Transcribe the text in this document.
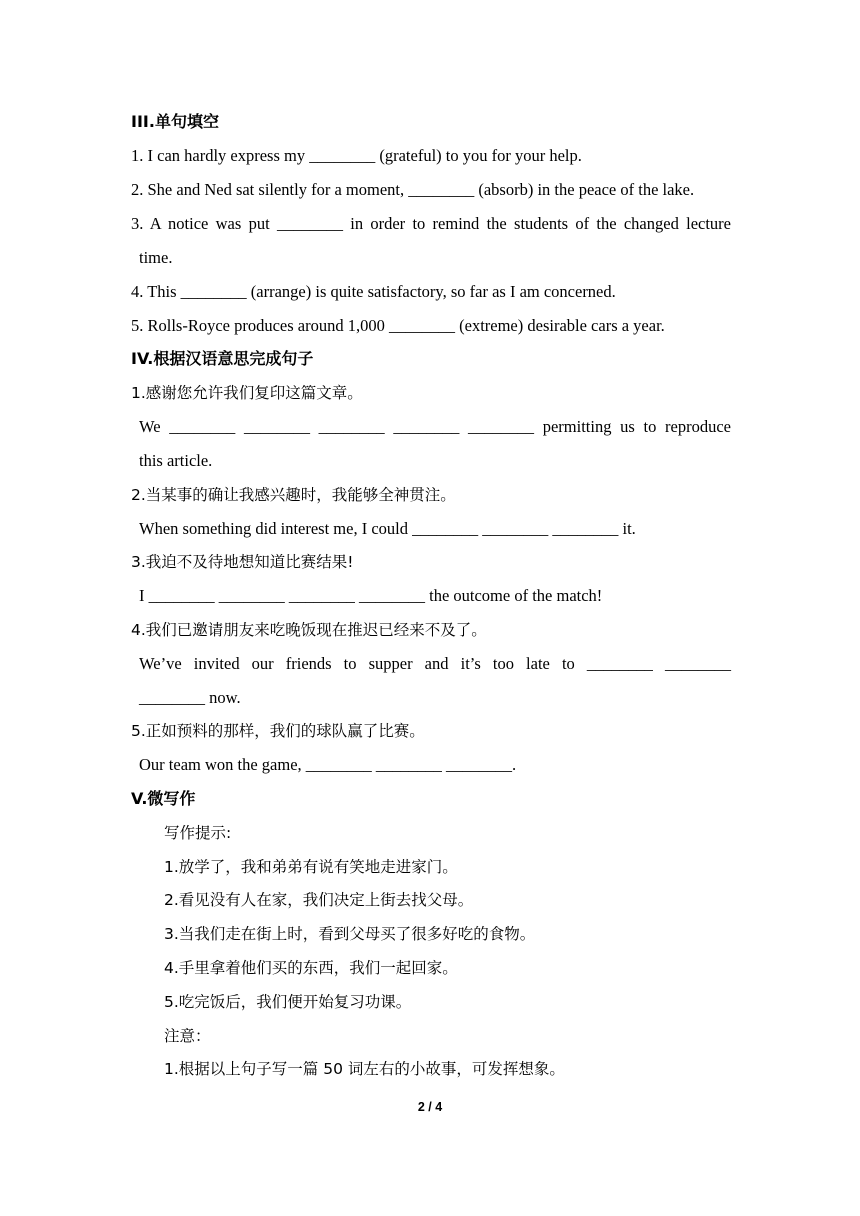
III.单句填空
1. I can hardly express my ________ (grateful) to you for your help.
2. She and Ned sat silently for a moment, ________ (absorb) in the peace of the lake.
3. A notice was put ________ in order to remind the students of the changed lecture
time.
4. This ________ (arrange) is quite satisfactory, so far as I am concerned.
5. Rolls-Royce produces around 1,000 ________ (extreme) desirable cars a year.
IV.根据汉语意思完成句子
1.感谢您允许我们复印这篇文章。
We ________ ________ ________ ________ ________ permitting us to reproduce
this article.
2.当某事的确让我感兴趣时，我能够全神贯注。
When something did interest me, I could ________ ________ ________ it.
3.我迫不及待地想知道比赛结果!
I ________ ________ ________ ________ the outcome of the match!
4.我们已邀请朋友来吃晚饭现在推迟已经来不及了。
We’ve invited our friends to supper and it’s too late to ________ ________
________ now.
5.正如预料的那样，我们的球队赢了比赛。
Our team won the game, ________ ________ ________.
V.微写作
写作提示:
1.放学了，我和弟弟有说有笑地走进家门。
2.看见没有人在家，我们决定上街去找父母。
3.当我们走在街上时，看到父母买了很多好吃的食物。
4.手里拿着他们买的东西，我们一起回家。
5.吃完饭后，我们便开始复习功课。
注意：
1.根据以上句子写一篇 50 词左右的小故事，可发挥想象。
2 / 4
